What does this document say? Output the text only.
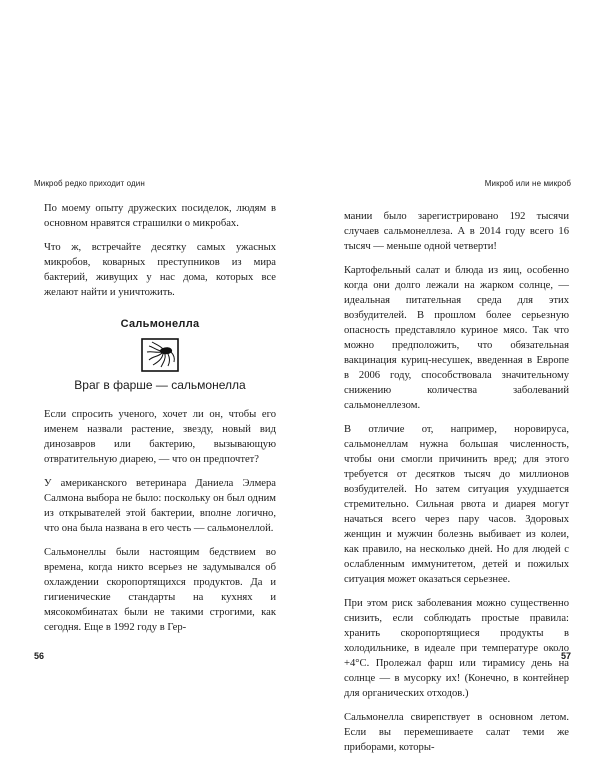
Микроб редко приходит один

По моему опыту дружеских посиделок, людям в основном нравятся страшилки о микробах.

Что ж, встречайте десятку самых ужасных микробов, коварных преступников из мира бактерий, живущих у нас дома, которых все желают найти и уничтожить.

Сальмонелла
Враг в фарше — сальмонелла

Если спросить ученого, хочет ли он, чтобы его именем назвали растение, звезду, новый вид динозавров или бактерию, вызывающую отвратительную диарею, — что он предпочтет?

У американского ветеринара Даниела Элмера Салмона выбора не было: поскольку он был одним из открывателей этой бактерии, вполне логично, что она была названа в его честь — сальмонеллой.

Сальмонеллы были настоящим бедствием во времена, когда никто всерьез не задумывался об охлаждении скоропортящихся продуктов. Да и гигиенические стандарты на кухнях и мясокомбинатах были не такими строгими, как сегодня. Еще в 1992 году в Гер-

56
Микроб или не микроб

мании было зарегистрировано 192 тысячи случаев сальмонеллеза. А в 2014 году всего 16 тысяч — меньше одной четверти!

Картофельный салат и блюда из яиц, особенно когда они долго лежали на жарком солнце, — идеальная питательная среда для этих возбудителей. В прошлом более серьезную опасность представляло куриное мясо. Так что можно предположить, что обязательная вакцинация куриц-несушек, введенная в Европе в 2006 году, способствовала значительному снижению количества заболеваний сальмонеллезом.

В отличие от, например, норовируса, сальмонеллам нужна большая численность, чтобы они смогли причинить вред; для этого требуется от десятков тысяч до миллионов возбудителей. Но затем ситуация ухудшается стремительно. Сильная рвота и диарея могут начаться всего через пару часов. Здоровых женщин и мужчин болезнь выбивает из колеи, как правило, на несколько дней. Но для людей с ослабленным иммунитетом, детей и пожилых ситуация может оказаться серьезнее.

При этом риск заболевания можно существенно снизить, если соблюдать простые правила: хранить скоропортящиеся продукты в холодильнике, в идеале при температуре около +4°С. Пролежал фарш или тирамису день на солнце — в мусорку их! (Конечно, в контейнер для органических отходов.)

Сальмонелла свирепствует в основном летом. Если вы перемешиваете салат теми же приборами, которы-

57
